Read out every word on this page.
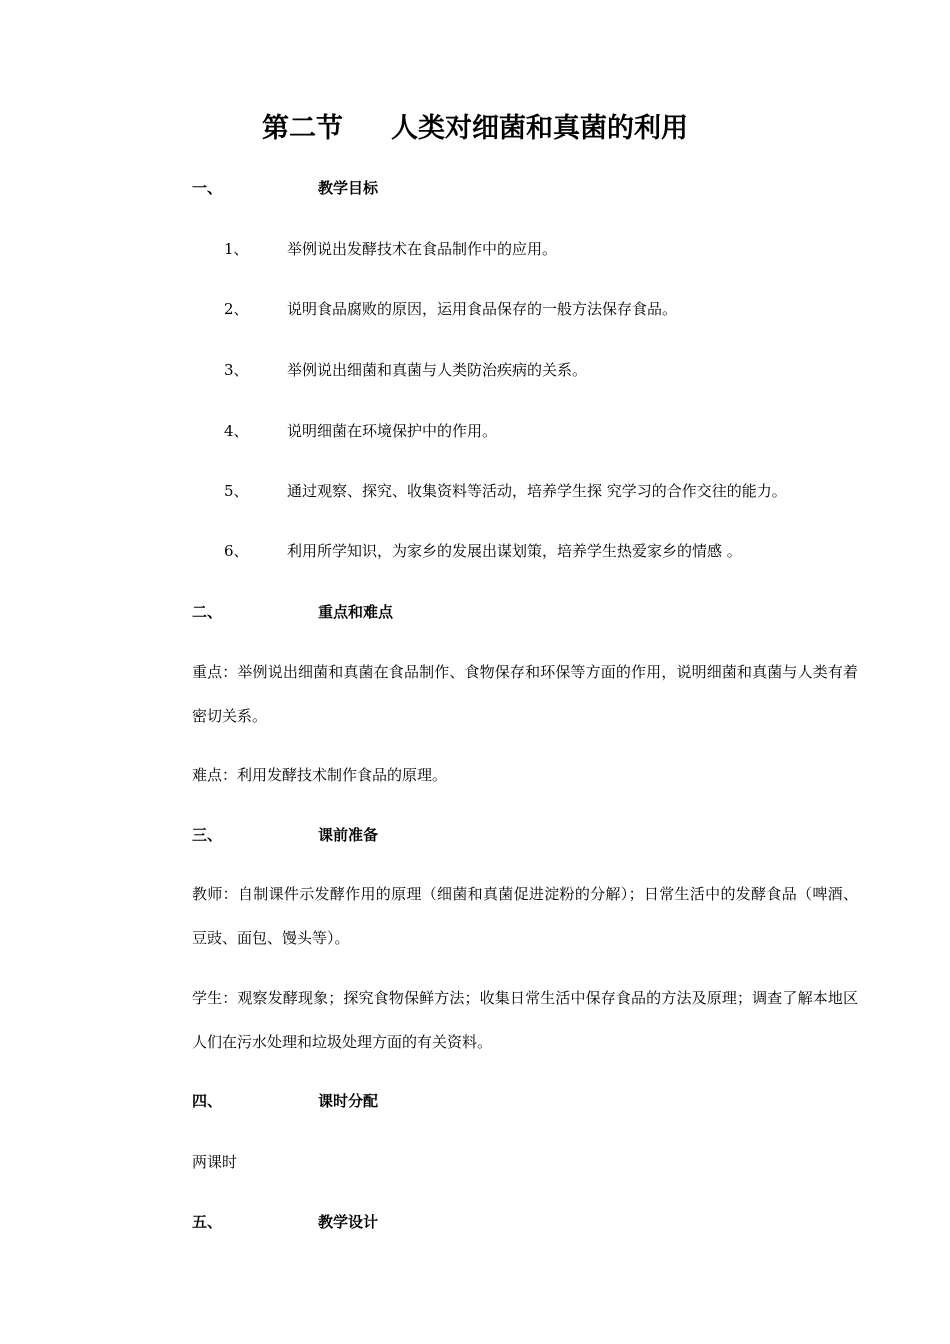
第二节 人类对细菌和真菌的利用
一、	教学目标
1、	举例说出发酵技术在食品制作中的应用。
2、	说明食品腐败的原因，运用食品保存的一般方法保存食品。
3、	举例说出细菌和真菌与人类防治疾病的关系。
4、	说明细菌在环境保护中的作用。
5、	通过观察、探究、收集资料等活动，培养学生探 究学习的合作交往的能力。
6、	利用所学知识，为家乡的发展出谋划策，培养学生热爱家乡的情感 。
二、	重点和难点
重点：举例说出细菌和真菌在食品制作、食物保存和环保等方面的作用，说明细菌和真菌与人类有着密切关系。
难点：利用发酵技术制作食品的原理。
三、	课前准备
教师：自制课件示发酵作用的原理（细菌和真菌促进淀粉的分解）；日常生活中的发酵食品（啤酒、豆豉、面包、馒头等）。
学生：观察发酵现象；探究食物保鲜方法；收集日常生活中保存食品的方法及原理；调查了解本地区人们在污水处理和垃圾处理方面的有关资料。
四、	课时分配
两课时
五、	教学设计
